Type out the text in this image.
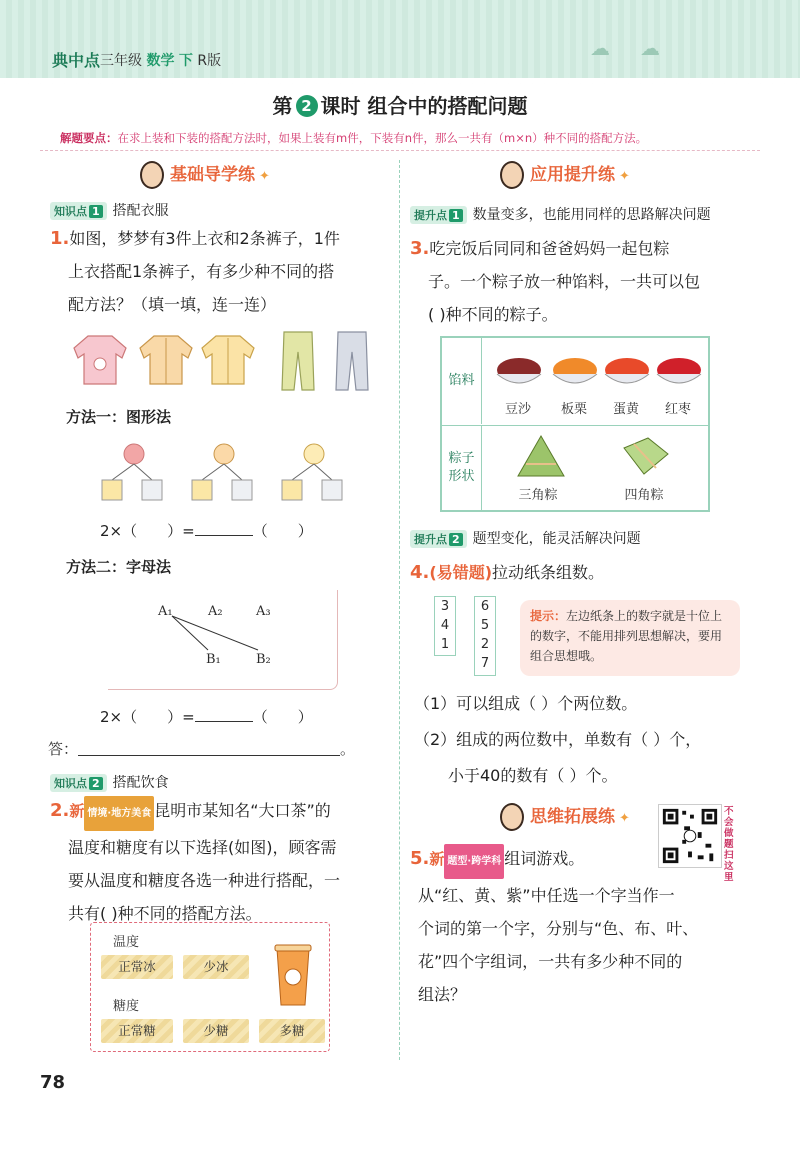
典中点 三年级 数学 下 R版
☁☁
第 2 课时 组合中的搭配问题
解题要点：在求上装和下装的搭配方法时，如果上装有m件，下装有n件，那么一共有（m×n）种不同的搭配方法。
基础导学练 ✦
知识点 1 搭配衣服
1.如图，梦梦有3件上衣和2条裤子，1件
上衣搭配1条裤子，有多少种不同的搭
配方法？（填一填，连一连）
方法一：图形法
2×（ ）=	（ ）
方法二：字母法
A₁	A₂	A₃
B₁	B₂
2×（ ）=	（ ）
答：	。
知识点 2 搭配饮食
2.新 情境·地方美食 昆明市某知名“大口茶”的
温度和糖度有以下选择(如图)，顾客需
要从温度和糖度各选一种进行搭配，一
共有( )种不同的搭配方法。
温度
正常冰	少冰
糖度
正常糖	少糖	多糖
应用提升练 ✦
提升点 1 数量变多，也能用同样的思路解决问题
3.吃完饭后同同和爸爸妈妈一起包粽
子。一个粽子放一种馅料，一共可以包
( )种不同的粽子。
馅料
豆沙	板栗	蛋黄	红枣
粽子形状
三角粽	四角粽
提升点 2 题型变化，能灵活解决问题
4.(易错题)拉动纸条组数。
3
4
1
6
5
2
7
提示：左边纸条上的数字就是十位上的数字，不能用排列思想解决，要用组合思想哦。
（1）可以组成（ ）个两位数。
（2）组成的两位数中，单数有（ ）个，
小于40的数有（ ）个。
思维拓展练 ✦	不会做题扫这里
5.新 题型·跨学科 组词游戏。
从“红、黄、紫”中任选一个字当作一
个词的第一个字，分别与“色、布、叶、
花”四个字组词，一共有多少种不同的
组法？
78
